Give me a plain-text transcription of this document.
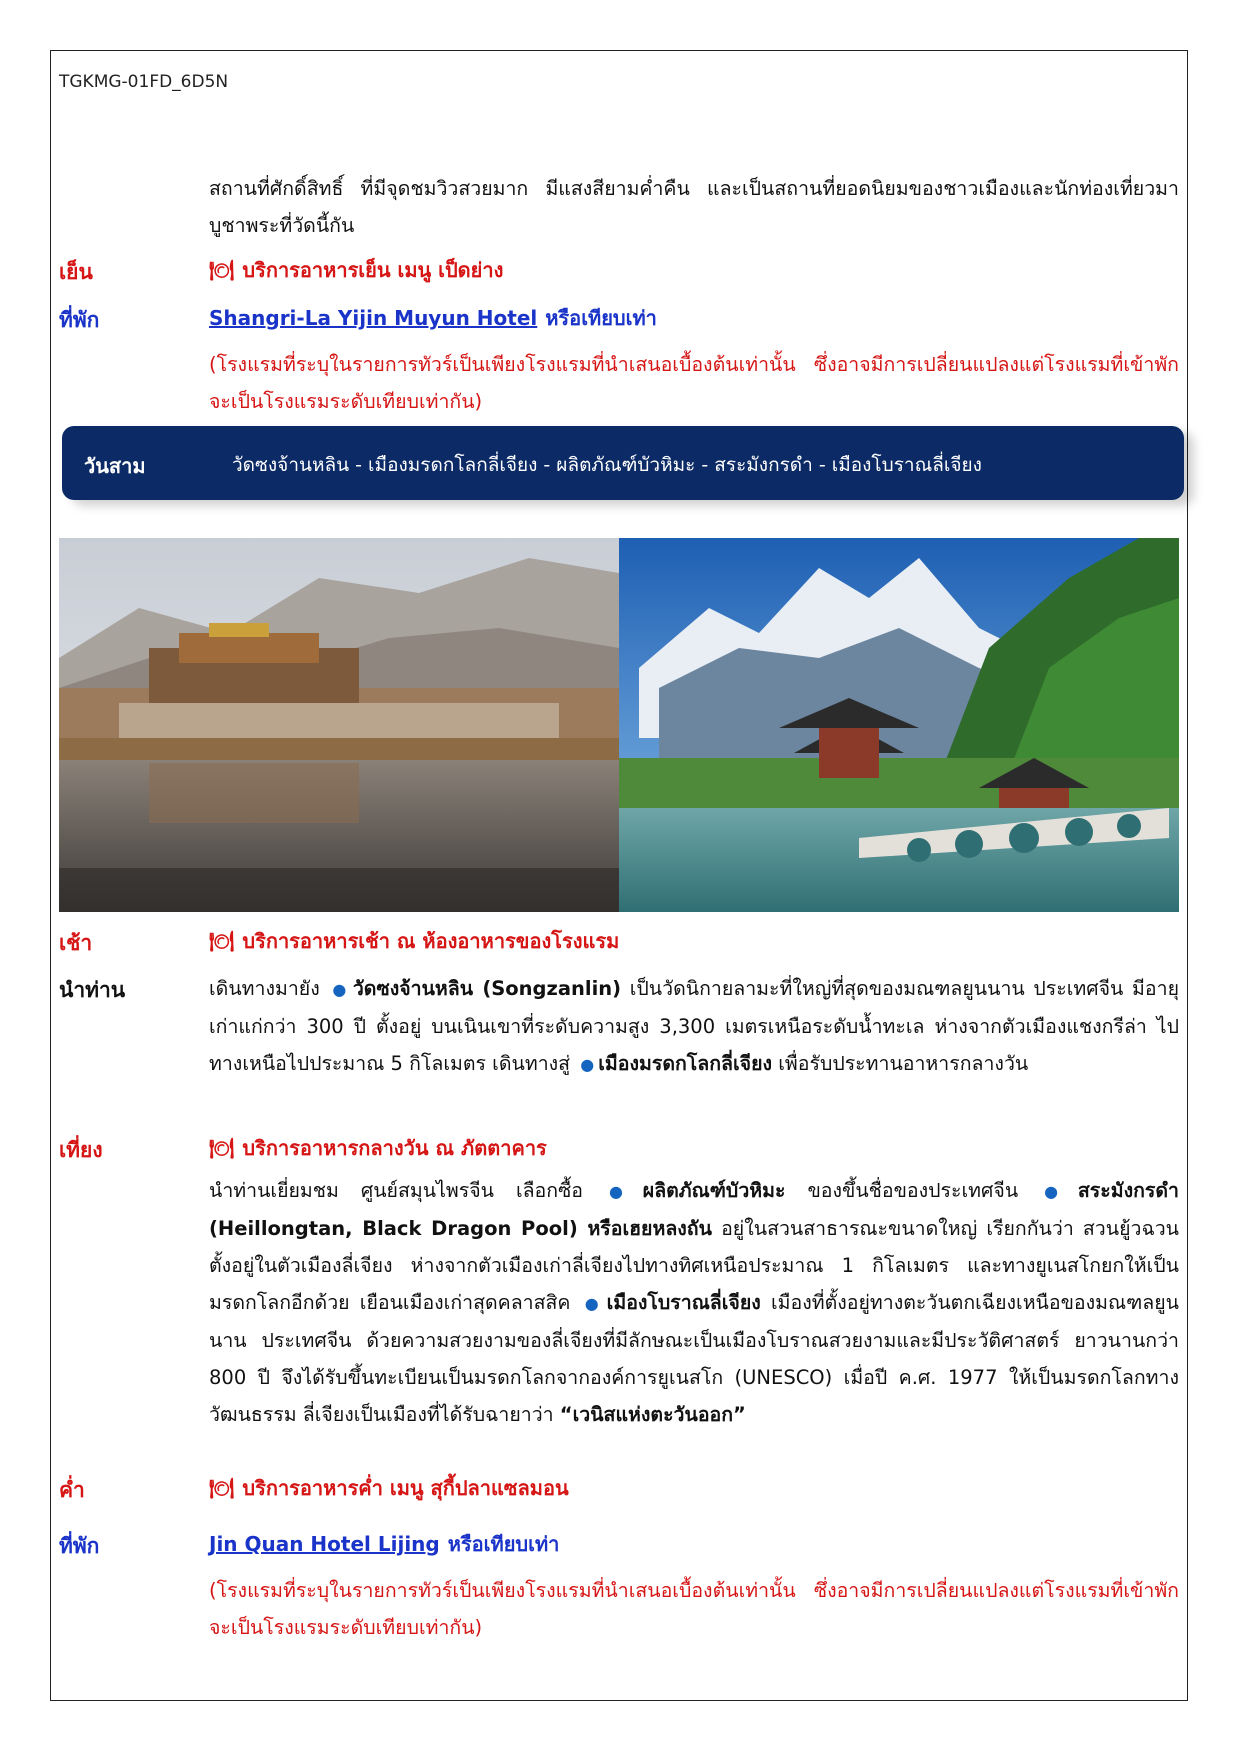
TGKMG-01FD_6D5N
สถานที่ศักดิ์สิทธิ์ ที่มีจุดชมวิวสวยมาก มีแสงสียามค่ำคืน และเป็นสถานที่ยอดนิยมของชาวเมืองและนักท่องเที่ยวมาบูชาพระที่วัดนี้กัน
เย็น	🍽 บริการอาหารเย็น เมนู เป็ดย่าง
ที่พัก	Shangri-La Yijin Muyun Hotel หรือเทียบเท่า
(โรงแรมที่ระบุในรายการทัวร์เป็นเพียงโรงแรมที่นำเสนอเบื้องต้นเท่านั้น ซึ่งอาจมีการเปลี่ยนแปลงแต่โรงแรมที่เข้าพักจะเป็นโรงแรมระดับเทียบเท่ากัน)
วันสาม	วัดซงจ้านหลิน - เมืองมรดกโลกลี่เจียง - ผลิตภัณฑ์บัวหิมะ - สระมังกรดำ - เมืองโบราณลี่เจียง
เช้า	🍽 บริการอาหารเช้า ณ ห้องอาหารของโรงแรม
นำท่าน	เดินทางมายัง ● วัดซงจ้านหลิน (Songzanlin) เป็นวัดนิกายลามะที่ใหญ่ที่สุดของมณฑลยูนนาน ประเทศจีน มีอายุเก่าแก่กว่า 300 ปี ตั้งอยู่ บนเนินเขาที่ระดับความสูง 3,300 เมตรเหนือระดับน้ำทะเล ห่างจากตัวเมืองแชงกรีล่า ไปทางเหนือไปประมาณ 5 กิโลเมตร เดินทางสู่ ● เมืองมรดกโลกลี่เจียง เพื่อรับประทานอาหารกลางวัน
เที่ยง	🍽 บริการอาหารกลางวัน ณ ภัตตาคาร
นำท่านเยี่ยมชม ศูนย์สมุนไพรจีน เลือกซื้อ ● ผลิตภัณฑ์บัวหิมะ ของขึ้นชื่อของประเทศจีน ● สระมังกรดำ (Heillongtan, Black Dragon Pool) หรือเฮยหลงถัน อยู่ในสวนสาธารณะขนาดใหญ่ เรียกกันว่า สวนยู้วฉวน ตั้งอยู่ในตัวเมืองลี่เจียง ห่างจากตัวเมืองเก่าลี่เจียงไปทางทิศเหนือประมาณ 1 กิโลเมตร และทางยูเนสโกยกให้เป็นมรดกโลกอีกด้วย เยือนเมืองเก่าสุดคลาสสิค ● เมืองโบราณลี่เจียง เมืองที่ตั้งอยู่ทางตะวันตกเฉียงเหนือของมณฑลยูนนาน ประเทศจีน ด้วยความสวยงามของลี่เจียงที่มีลักษณะเป็นเมืองโบราณสวยงามและมีประวัติศาสตร์ ยาวนานกว่า 800 ปี จึงได้รับขึ้นทะเบียนเป็นมรดกโลกจากองค์การยูเนสโก (UNESCO) เมื่อปี ค.ศ. 1977 ให้เป็นมรดกโลกทางวัฒนธรรม ลี่เจียงเป็นเมืองที่ได้รับฉายาว่า “เวนิสแห่งตะวันออก”
ค่ำ	🍽 บริการอาหารค่ำ เมนู สุกี้ปลาแซลมอน
ที่พัก	Jin Quan Hotel Lijing หรือเทียบเท่า
(โรงแรมที่ระบุในรายการทัวร์เป็นเพียงโรงแรมที่นำเสนอเบื้องต้นเท่านั้น ซึ่งอาจมีการเปลี่ยนแปลงแต่โรงแรมที่เข้าพักจะเป็นโรงแรมระดับเทียบเท่ากัน)
